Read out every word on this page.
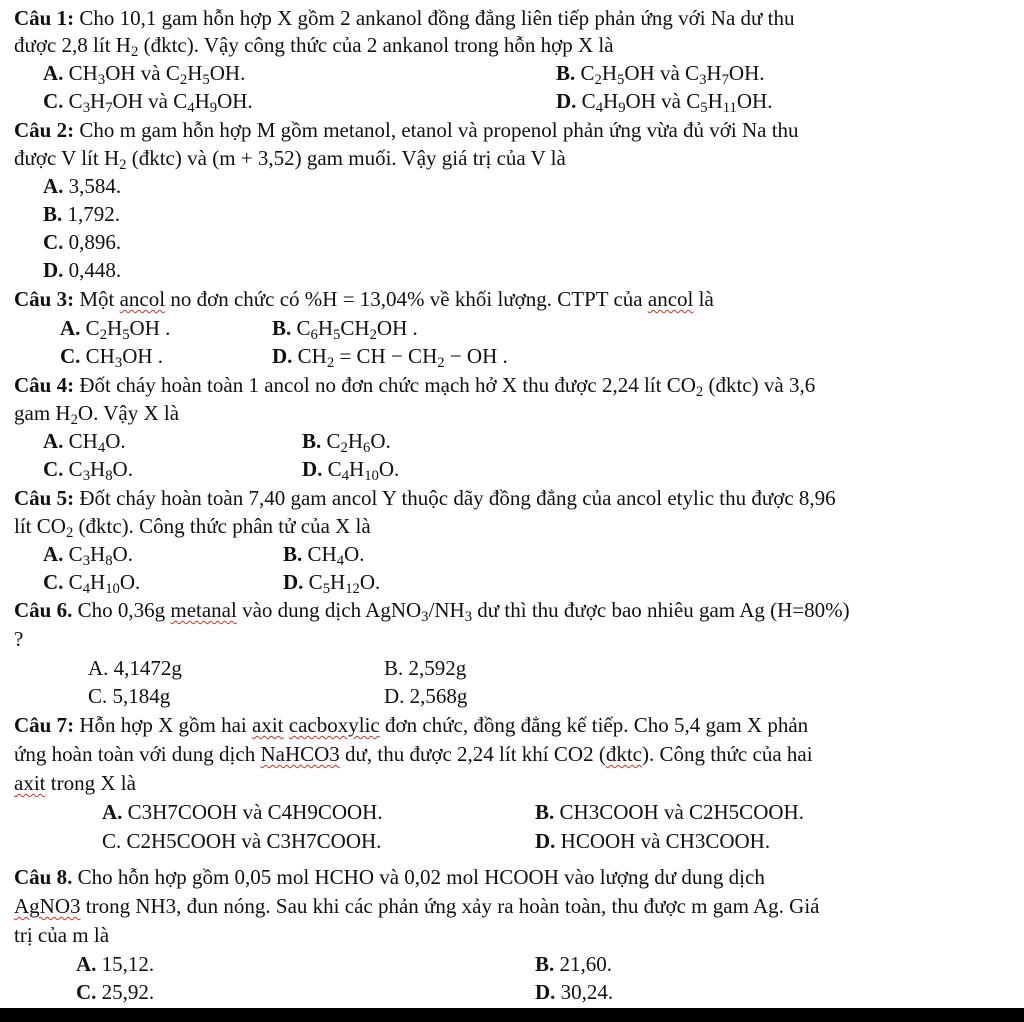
Câu 1: Cho 10,1 gam hỗn hợp X gồm 2 ankanol đồng đẳng liên tiếp phản ứng với Na dư thu
được 2,8 lít $H_2$ (đktc). Vậy công thức của 2 ankanol trong hỗn hợp X là
A. $CH_3OH$ và $C_2H_5OH$.	B. $C_2H_5OH$ và $C_3H_7OH$.
C. $C_3H_7OH$ và $C_4H_9OH$.	D. $C_4H_9OH$ và $C_5H_{11}OH$.
Câu 2: Cho m gam hỗn hợp M gồm metanol, etanol và propenol phản ứng vừa đủ với Na thu
được V lít $H_2$ (đktc) và (m + 3,52) gam muối. Vậy giá trị của V là
A. 3,584.
B. 1,792.
C. 0,896.
D. 0,448.
Câu 3: Một ancol no đơn chức có %H = 13,04% về khối lượng. CTPT của ancol là
A. $C_2H_5OH$ .	B. $C_6H_5CH_2OH$ .
C. $CH_3OH$ .	D. $CH_2$ = CH − $CH_2$ − OH .
Câu 4: Đốt cháy hoàn toàn 1 ancol no đơn chức mạch hở X thu được 2,24 lít $CO_2$ (đktc) và 3,6
gam $H_2O$. Vậy X là
A. $CH_4O$.	B. $C_2H_6O$.
C. $C_3H_8O$.	D. $C_4H_{10}O$.
Câu 5: Đốt cháy hoàn toàn 7,40 gam ancol Y thuộc dãy đồng đẳng của ancol etylic thu được 8,96
lít $CO_2$ (đktc). Công thức phân tử của X là
A. $C_3H_8O$.	B. $CH_4O$.
C. $C_4H_{10}O$.	D. $C_5H_{12}O$.
Câu 6. Cho 0,36g metanal vào dung dịch $AgNO_3/NH_3$ dư thì thu được bao nhiêu gam Ag (H=80%)
?
A. 4,1472g	B. 2,592g
C. 5,184g	D. 2,568g
Câu 7: Hỗn hợp X gồm hai axit cacboxylic đơn chức, đồng đẳng kế tiếp. Cho 5,4 gam X phản
ứng hoàn toàn với dung dịch NaHCO3 dư, thu được 2,24 lít khí CO2 (đktc). Công thức của hai
axit trong X là
A. C3H7COOH và C4H9COOH.	B. CH3COOH và C2H5COOH.
C. C2H5COOH và C3H7COOH.	D. HCOOH và CH3COOH.
Câu 8. Cho hỗn hợp gồm 0,05 mol HCHO và 0,02 mol HCOOH vào lượng dư dung dịch
AgNO3 trong NH3, đun nóng. Sau khi các phản ứng xảy ra hoàn toàn, thu được m gam Ag. Giá
trị của m là
A. 15,12.	B. 21,60.
C. 25,92.	D. 30,24.
